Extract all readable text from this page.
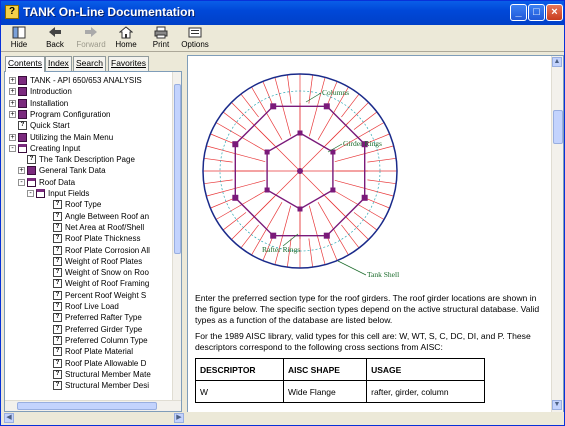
? TANK On-Line Documentation	_	□	×
Hide	Back	Forward Home	Print	Options
Contents Index Search Favorites
+ TANK - API 650/653 ANALYSIS
+ Introduction
+ Installation
+ Program Configuration
? Quick Start
+ Utilizing the Main Menu
- Creating Input
? The Tank Description Page
+ General Tank Data
- Roof Data
- Input Fields
? Roof Type
? Angle Between Roof an
? Net Area at Roof/Shell
? Roof Plate Thickness
? Roof Plate Corrosion All
? Weight of Roof Plates
? Weight of Snow on Roo
? Weight of Roof Framing
? Percent Roof Weight S
? Roof Live Load
? Preferred Rafter Type
? Preferred Girder Type
? Preferred Column Type
? Roof Plate Material
? Roof Plate Allowable D
? Structural Member Mate
? Structural Member Desi
Columns
Girder Rings
Rafter Rings
Tank Shell
Enter the preferred section type for the roof girders. The roof girder locations are shown in the figure below. The specific section types depend on the active structural database. Valid types as a function of the database are listed below.
For the 1989 AISC library, valid types for this cell are: W, WT, S, C, DC, DI, and P. These descriptors correspond to the following cross sections from AISC:
DESCRIPTOR	AISC SHAPE	USAGE
W	Wide Flange	rafter, girder, column
▲
▼
◀	▶
